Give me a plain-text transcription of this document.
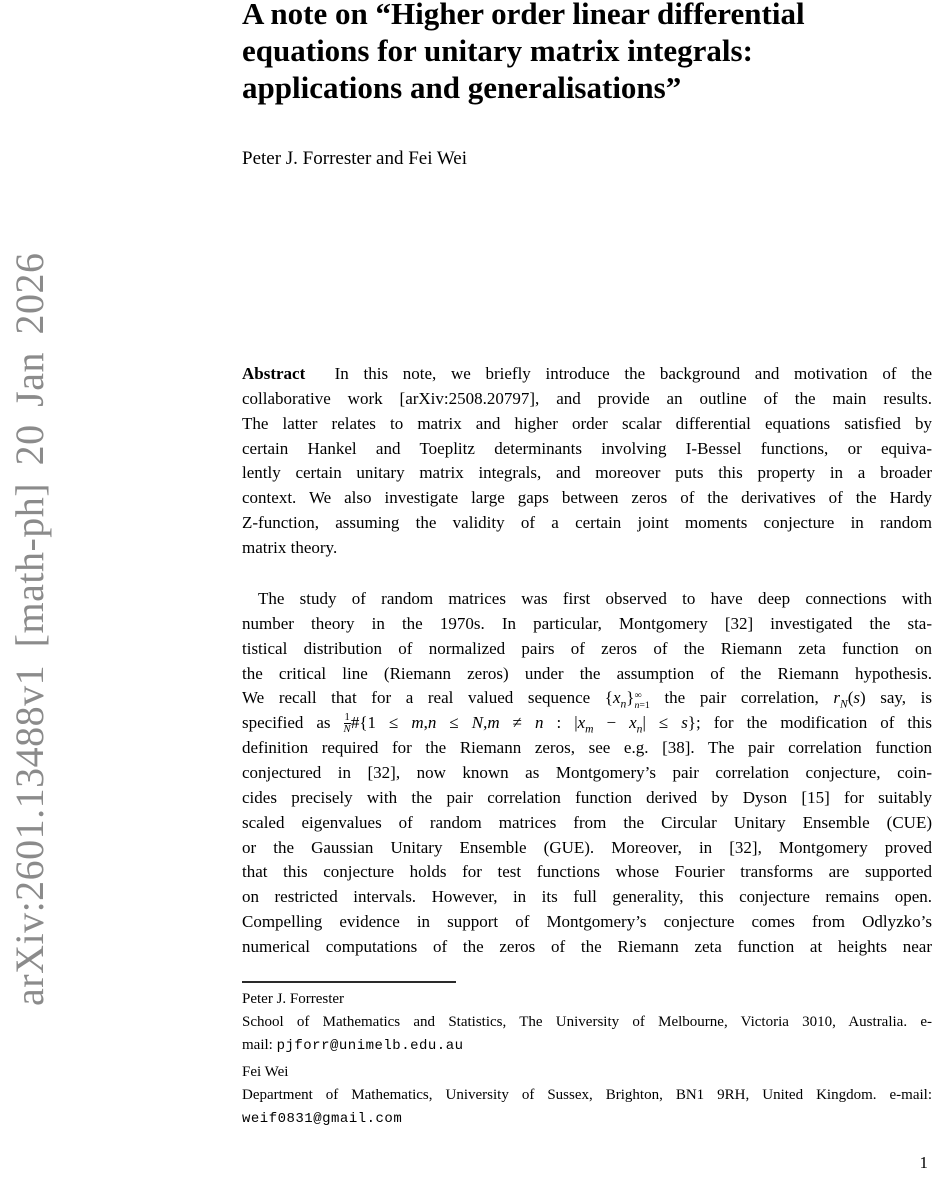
arXiv:2601.13488v1 [math-ph] 20 Jan 2026
A note on “Higher order linear differential
equations for unitary matrix integrals:
applications and generalisations”
Peter J. Forrester and Fei Wei
Abstract  In this note, we briefly introduce the background and motivation of the
collaborative work [arXiv:2508.20797], and provide an outline of the main results.
The latter relates to matrix and higher order scalar differential equations satisfied by
certain Hankel and Toeplitz determinants involving I-Bessel functions, or equiva-
lently certain unitary matrix integrals, and moreover puts this property in a broader
context. We also investigate large gaps between zeros of the derivatives of the Hardy
Z-function, assuming the validity of a certain joint moments conjecture in random
matrix theory.
The study of random matrices was first observed to have deep connections with
number theory in the 1970s. In particular, Montgomery [32] investigated the sta-
tistical distribution of normalized pairs of zeros of the Riemann zeta function on
the critical line (Riemann zeros) under the assumption of the Riemann hypothesis.
We recall that for a real valued sequence $\{x_n\}$ ∞
n=1 the pair correlation, $r_N(s)$ say, is
specified as $\frac{1}{N}$ #{1 ≤ m,n ≤ N,m ≠ n : $|x_m - x_n| \le s$}; for the modification of this
definition required for the Riemann zeros, see e.g. [38]. The pair correlation function
conjectured in [32], now known as Montgomery’s pair correlation conjecture, coin-
cides precisely with the pair correlation function derived by Dyson [15] for suitably
scaled eigenvalues of random matrices from the Circular Unitary Ensemble (CUE)
or the Gaussian Unitary Ensemble (GUE). Moreover, in [32], Montgomery proved
that this conjecture holds for test functions whose Fourier transforms are supported
on restricted intervals. However, in its full generality, this conjecture remains open.
Compelling evidence in support of Montgomery’s conjecture comes from Odlyzko’s
numerical computations of the zeros of the Riemann zeta function at heights near
Peter J. Forrester
School of Mathematics and Statistics, The University of Melbourne, Victoria 3010, Australia. e-
mail: pjforr@unimelb.edu.au
Fei Wei
Department of Mathematics, University of Sussex, Brighton, BN1 9RH, United Kingdom. e-mail:
weif0831@gmail.com
1
